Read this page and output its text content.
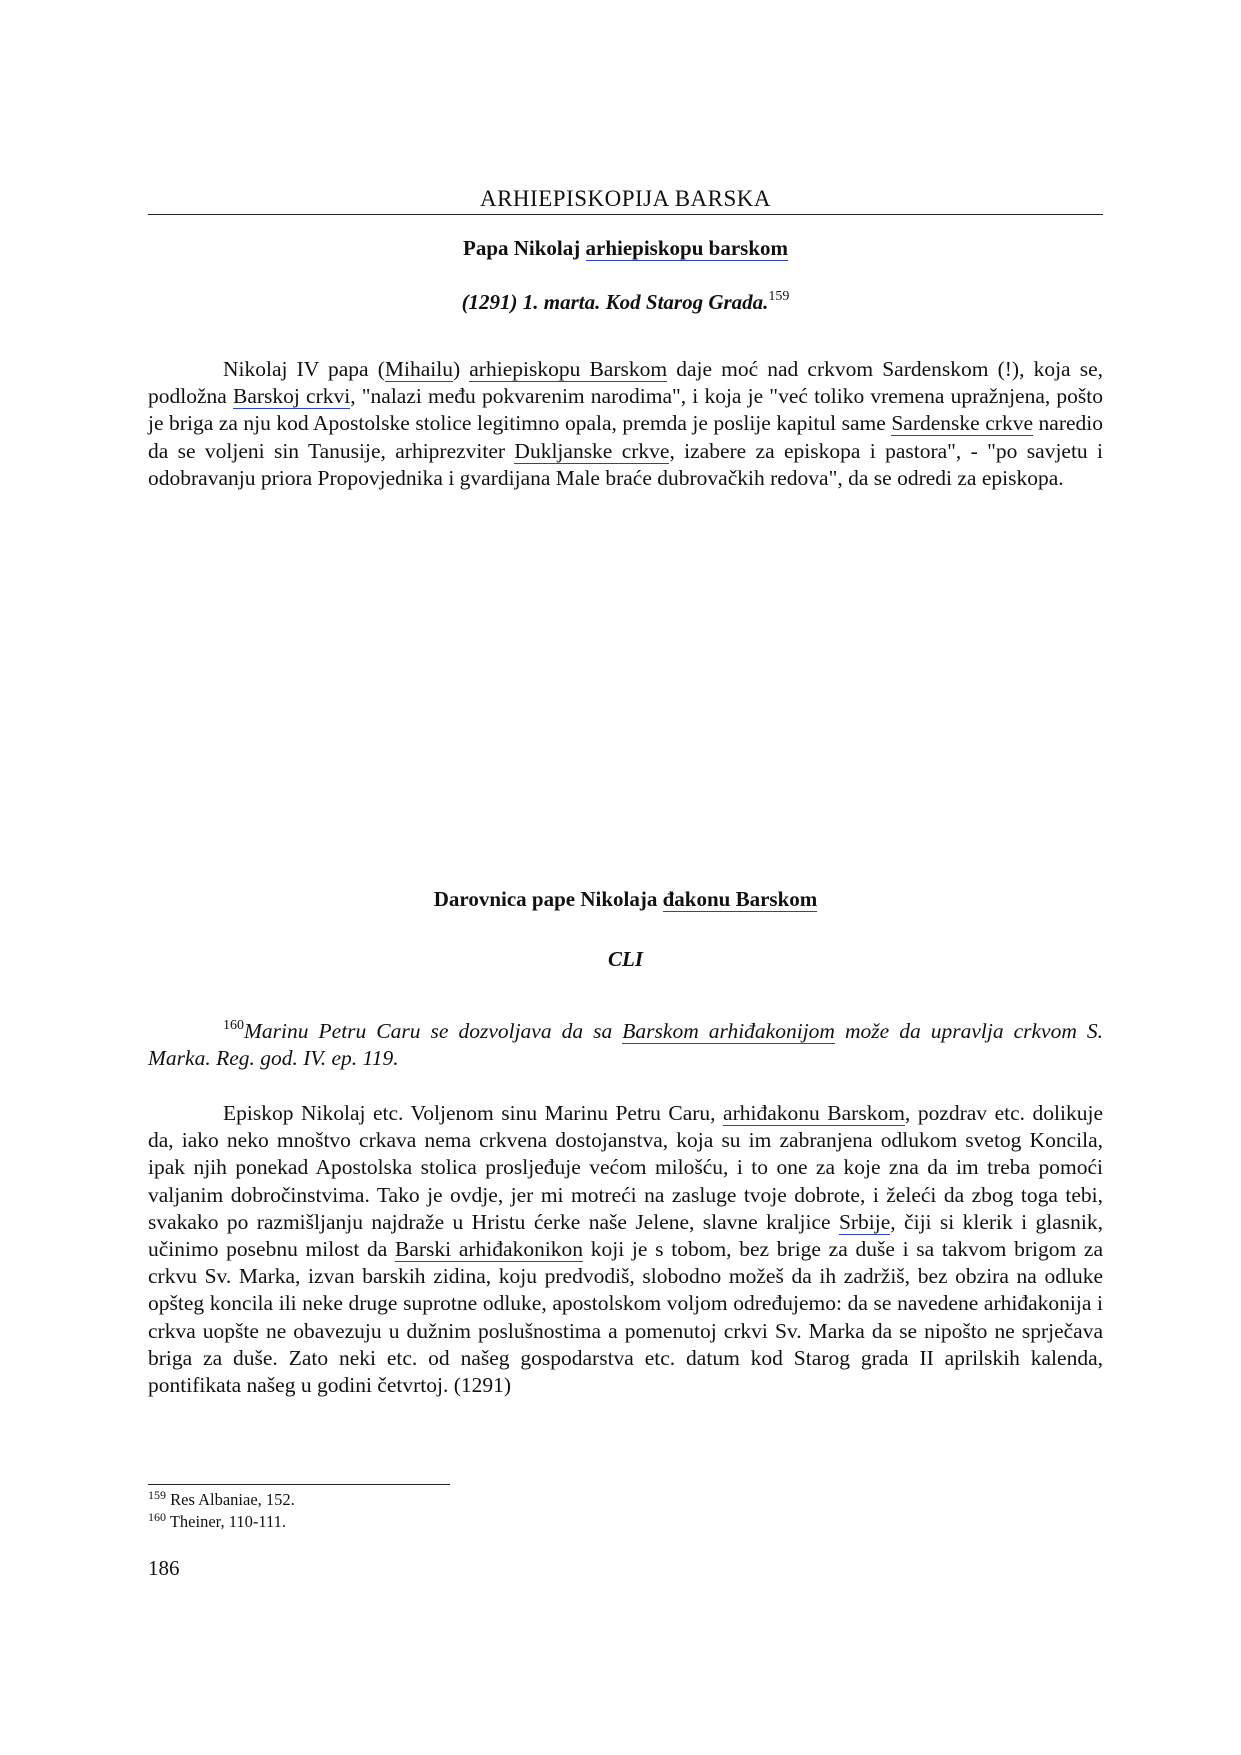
ARHIEPISKOPIJA BARSKA
Papa Nikolaj arhiepiskopu barskom
(1291) 1. marta. Kod Starog Grada.$^{159}$

Nikolaj IV papa (Mihailu) arhiepiskopu Barskom daje moć nad crkvom Sardenskom (!), koja se, podložna Barskoj crkvi, "nalazi među pokvarenim narodima", i koja je "već toliko vremena upražnjena, pošto je briga za nju kod Apostolske stolice legitimno opala, premda je poslije kapitul same Sardenske crkve naredio da se voljeni sin Tanusije, arhiprezviter Dukljanske crkve, izabere za episkopa i pastora", - "po savjetu i odobravanju priora Propovjednika i gvardijana Male braće dubrovačkih redova", da se odredi za episkopa.

Darovnica pape Nikolaja đakonu Barskom
CLI

$^{160}$Marinu Petru Caru se dozvoljava da sa Barskom arhiđakonijom može da upravlja crkvom S. Marka. Reg. god. IV. ep. 119.

Episkop Nikolaj etc. Voljenom sinu Marinu Petru Caru, arhiđakonu Barskom, pozdrav etc. dolikuje da, iako neko mnoštvo crkava nema crkvena dostojanstva, koja su im zabranjena odlukom svetog Koncila, ipak njih ponekad Apostolska stolica prosljeđuje većom milošću, i to one za koje zna da im treba pomoći valjanim dobročinstvima. Tako je ovdje, jer mi motreći na zasluge tvoje dobrote, i želeći da zbog toga tebi, svakako po razmišljanju najdraže u Hristu ćerke naše Jelene, slavne kraljice Srbije, čiji si klerik i glasnik, učinimo posebnu milost da Barski arhiđakonikon koji je s tobom, bez brige za duše i sa takvom brigom za crkvu Sv. Marka, izvan barskih zidina, koju predvodiš, slobodno možeš da ih zadržiš, bez obzira na odluke opšteg koncila ili neke druge suprotne odluke, apostolskom voljom određujemo: da se navedene arhiđakonija i crkva uopšte ne obavezuju u dužnim poslušnostima a pomenutoj crkvi Sv. Marka da se nipošto ne sprječava briga za duše. Zato neki etc. od našeg gospodarstva etc. datum kod Starog grada II aprilskih kalenda, pontifikata našeg u godini četvrtoj. (1291)

$^{159}$ Res Albaniae, 152.
$^{160}$ Theiner, 110-111.
186
